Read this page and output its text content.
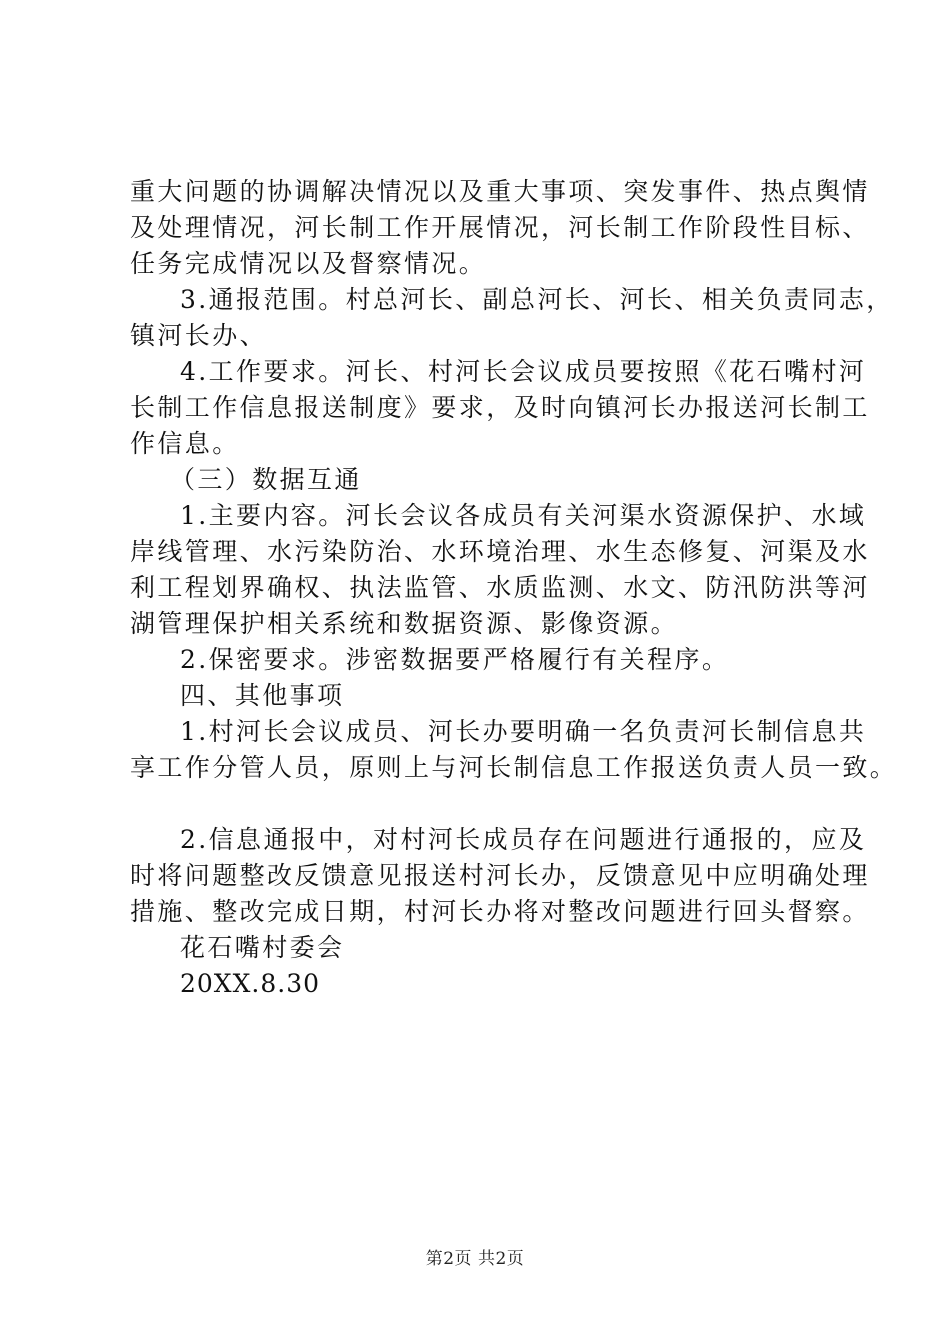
重大问题的协调解决情况以及重大事项、突发事件、热点舆情
及处理情况，河长制工作开展情况，河长制工作阶段性目标、
任务完成情况以及督察情况。
3.通报范围。村总河长、副总河长、河长、相关负责同志，
镇河长办、
4.工作要求。河长、村河长会议成员要按照《花石嘴村河
长制工作信息报送制度》要求，及时向镇河长办报送河长制工
作信息。
（三）数据互通
1.主要内容。河长会议各成员有关河渠水资源保护、水域
岸线管理、水污染防治、水环境治理、水生态修复、河渠及水
利工程划界确权、执法监管、水质监测、水文、防汛防洪等河
湖管理保护相关系统和数据资源、影像资源。
2.保密要求。涉密数据要严格履行有关程序。
四、其他事项
1.村河长会议成员、河长办要明确一名负责河长制信息共
享工作分管人员，原则上与河长制信息工作报送负责人员一致。
2.信息通报中，对村河长成员存在问题进行通报的，应及
时将问题整改反馈意见报送村河长办，反馈意见中应明确处理
措施、整改完成日期，村河长办将对整改问题进行回头督察。
花石嘴村委会
20XX.8.30
第2页 共2页
